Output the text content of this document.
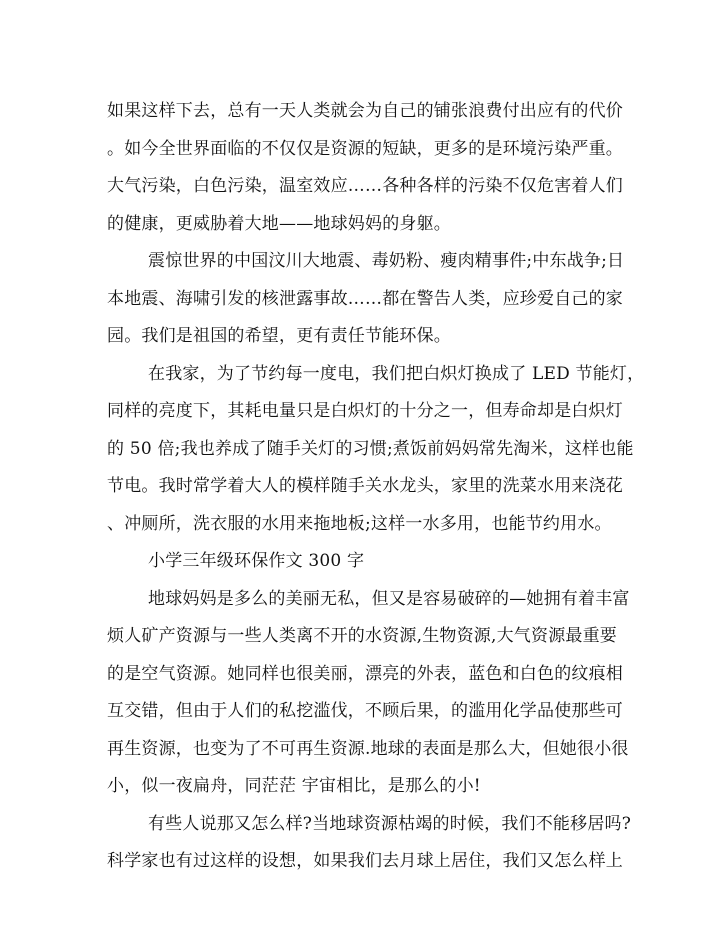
如果这样下去，总有一天人类就会为自己的铺张浪费付出应有的代价
。如今全世界面临的不仅仅是资源的短缺，更多的是环境污染严重。
大气污染，白色污染，温室效应……各种各样的污染不仅危害着人们
的健康，更威胁着大地——地球妈妈的身躯。
震惊世界的中国汶川大地震、毒奶粉、瘦肉精事件;中东战争;日
本地震、海啸引发的核泄露事故……都在警告人类，应珍爱自己的家
园。我们是祖国的希望，更有责任节能环保。
在我家，为了节约每一度电，我们把白炽灯换成了 LED 节能灯，
同样的亮度下，其耗电量只是白炽灯的十分之一，但寿命却是白炽灯
的 50 倍;我也养成了随手关灯的习惯;煮饭前妈妈常先淘米，这样也能
节电。我时常学着大人的模样随手关水龙头，家里的洗菜水用来浇花
、冲厕所，洗衣服的水用来拖地板;这样一水多用，也能节约用水。
小学三年级环保作文 300 字
地球妈妈是多么的美丽无私，但又是容易破碎的—她拥有着丰富
烦人矿产资源与一些人类离不开的水资源,生物资源,大气资源最重要
的是空气资源。她同样也很美丽，漂亮的外表，蓝色和白色的纹痕相
互交错，但由于人们的私挖滥伐，不顾后果，的滥用化学品使那些可
再生资源，也变为了不可再生资源.地球的表面是那么大，但她很小很
小，似一夜扁舟，同茫茫 宇宙相比，是那么的小!
有些人说那又怎么样?当地球资源枯竭的时候，我们不能移居吗?
科学家也有过这样的设想，如果我们去月球上居住，我们又怎么样上
